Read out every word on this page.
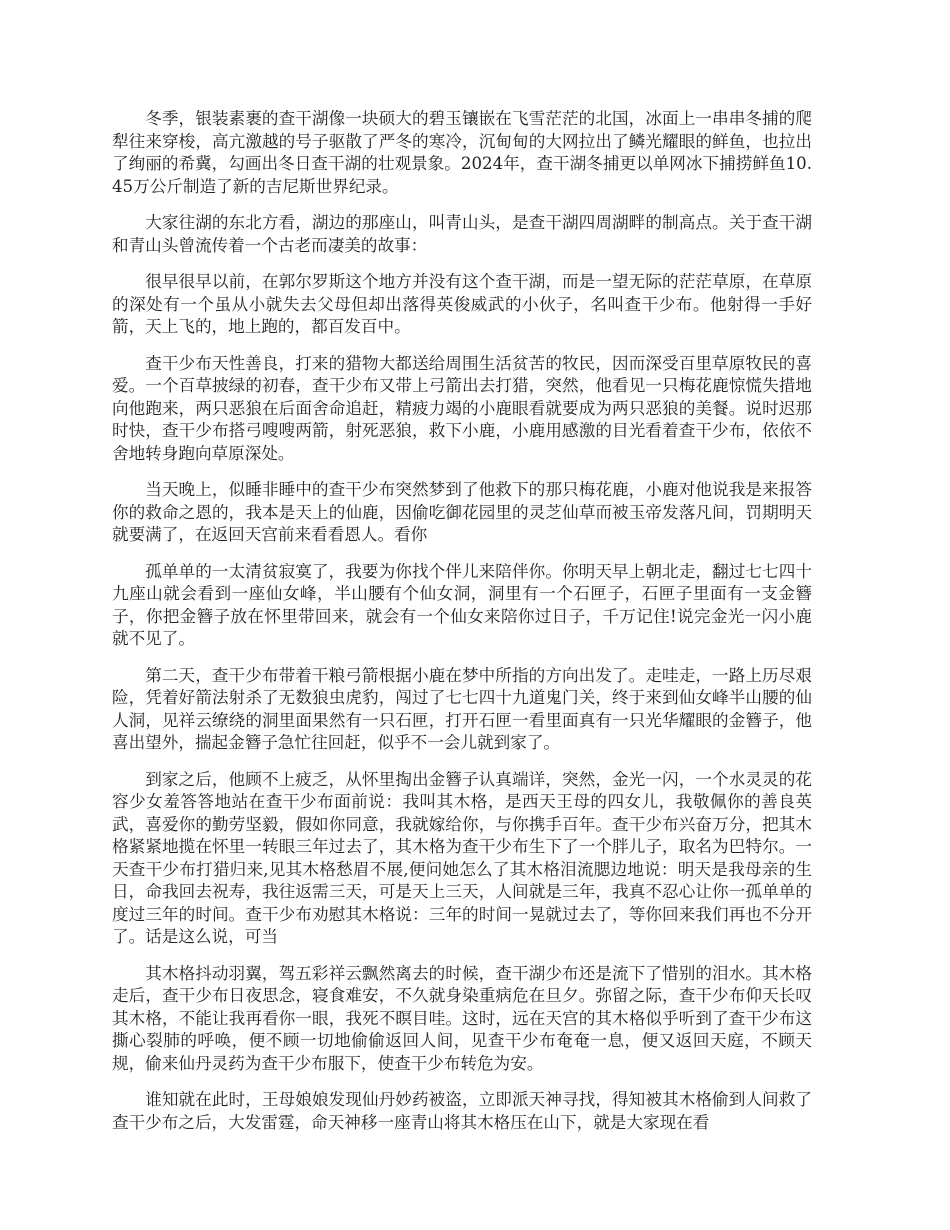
冬季，银装素裹的查干湖像一块硕大的碧玉镶嵌在飞雪茫茫的北国，冰面上一串串冬捕的爬犁往来穿梭，高亢激越的号子驱散了严冬的寒冷，沉甸甸的大网拉出了鳞光耀眼的鲜鱼，也拉出了绚丽的希冀，勾画出冬日查干湖的壮观景象。2024年，查干湖冬捕更以单网冰下捕捞鲜鱼10.45万公斤制造了新的吉尼斯世界纪录。

大家往湖的东北方看，湖边的那座山，叫青山头，是查干湖四周湖畔的制高点。关于查干湖和青山头曾流传着一个古老而凄美的故事：

很早很早以前，在郭尔罗斯这个地方并没有这个查干湖，而是一望无际的茫茫草原，在草原的深处有一个虽从小就失去父母但却出落得英俊威武的小伙子，名叫查干少布。他射得一手好箭，天上飞的，地上跑的，都百发百中。

查干少布天性善良，打来的猎物大都送给周围生活贫苦的牧民，因而深受百里草原牧民的喜爱。一个百草披绿的初春，查干少布又带上弓箭出去打猎，突然，他看见一只梅花鹿惊慌失措地向他跑来，两只恶狼在后面舍命追赶，精疲力竭的小鹿眼看就要成为两只恶狼的美餐。说时迟那时快，查干少布搭弓嗖嗖两箭，射死恶狼，救下小鹿，小鹿用感激的目光看着查干少布，依依不舍地转身跑向草原深处。

当天晚上，似睡非睡中的查干少布突然梦到了他救下的那只梅花鹿，小鹿对他说我是来报答你的救命之恩的，我本是天上的仙鹿，因偷吃御花园里的灵芝仙草而被玉帝发落凡间，罚期明天就要满了，在返回天宫前来看看恩人。看你

孤单单的一太清贫寂寞了，我要为你找个伴儿来陪伴你。你明天早上朝北走，翻过七七四十九座山就会看到一座仙女峰，半山腰有个仙女洞，洞里有一个石匣子，石匣子里面有一支金簪子，你把金簪子放在怀里带回来，就会有一个仙女来陪你过日子，千万记住!说完金光一闪小鹿就不见了。

第二天，查干少布带着干粮弓箭根据小鹿在梦中所指的方向出发了。走哇走，一路上历尽艰险，凭着好箭法射杀了无数狼虫虎豹，闯过了七七四十九道鬼门关，终于来到仙女峰半山腰的仙人洞，见祥云缭绕的洞里面果然有一只石匣，打开石匣一看里面真有一只光华耀眼的金簪子，他喜出望外，揣起金簪子急忙往回赶，似乎不一会儿就到家了。

到家之后，他顾不上疲乏，从怀里掏出金簪子认真端详，突然，金光一闪，一个水灵灵的花容少女羞答答地站在查干少布面前说：我叫其木格，是西天王母的四女儿，我敬佩你的善良英武，喜爱你的勤劳坚毅，假如你同意，我就嫁给你，与你携手百年。查干少布兴奋万分，把其木格紧紧地揽在怀里一转眼三年过去了，其木格为查干少布生下了一个胖儿子，取名为巴特尔。一天查干少布打猎归来,见其木格愁眉不展,便问她怎么了其木格泪流腮边地说：明天是我母亲的生日，命我回去祝寿，我往返需三天，可是天上三天，人间就是三年，我真不忍心让你一孤单单的度过三年的时间。查干少布劝慰其木格说：三年的时间一晃就过去了，等你回来我们再也不分开了。话是这么说，可当

其木格抖动羽翼，驾五彩祥云飘然离去的时候，查干湖少布还是流下了惜别的泪水。其木格走后，查干少布日夜思念，寝食难安，不久就身染重病危在旦夕。弥留之际，查干少布仰天长叹其木格，不能让我再看你一眼，我死不瞑目哇。这时，远在天宫的其木格似乎听到了查干少布这撕心裂肺的呼唤，便不顾一切地偷偷返回人间，见查干少布奄奄一息，便又返回天庭，不顾天规，偷来仙丹灵药为查干少布服下，使查干少布转危为安。

谁知就在此时，王母娘娘发现仙丹妙药被盗，立即派天神寻找，得知被其木格偷到人间救了查干少布之后，大发雷霆，命天神移一座青山将其木格压在山下，就是大家现在看
